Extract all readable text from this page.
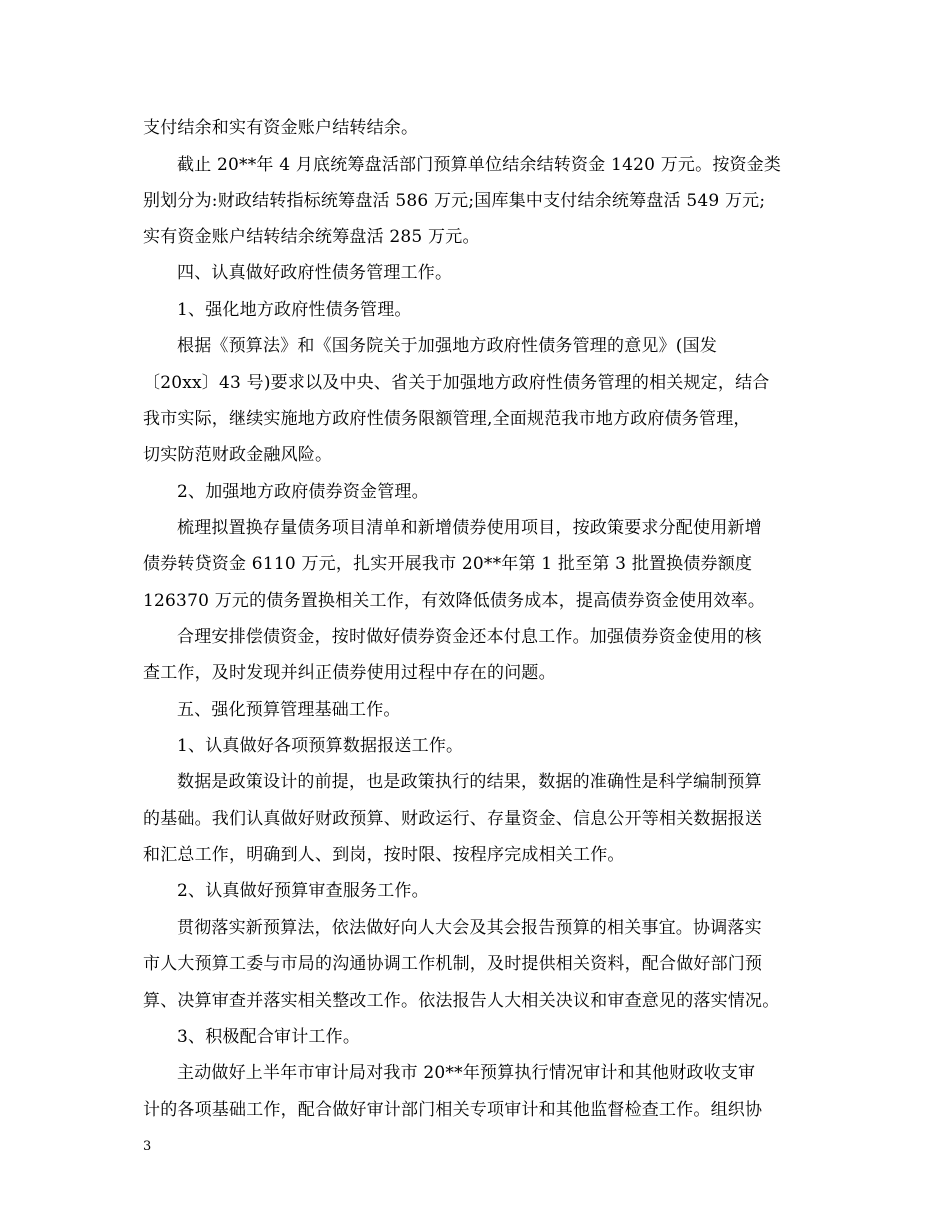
支付结余和实有资金账户结转结余。
截止 20**年 4 月底统筹盘活部门预算单位结余结转资金 1420 万元。按资金类
别划分为:财政结转指标统筹盘活 586 万元;国库集中支付结余统筹盘活 549 万元;
实有资金账户结转结余统筹盘活 285 万元。
四、认真做好政府性债务管理工作。
1、强化地方政府性债务管理。
根据《预算法》和《国务院关于加强地方政府性债务管理的意见》(国发
〔20xx〕43 号)要求以及中央、省关于加强地方政府性债务管理的相关规定，结合
我市实际，继续实施地方政府性债务限额管理,全面规范我市地方政府债务管理，
切实防范财政金融风险。
2、加强地方政府债券资金管理。
梳理拟置换存量债务项目清单和新增债券使用项目，按政策要求分配使用新增
债券转贷资金 6110 万元，扎实开展我市 20**年第 1 批至第 3 批置换债券额度
126370 万元的债务置换相关工作，有效降低债务成本，提高债券资金使用效率。
合理安排偿债资金，按时做好债券资金还本付息工作。加强债券资金使用的核
查工作，及时发现并纠正债券使用过程中存在的问题。
五、强化预算管理基础工作。
1、认真做好各项预算数据报送工作。
数据是政策设计的前提，也是政策执行的结果，数据的准确性是科学编制预算
的基础。我们认真做好财政预算、财政运行、存量资金、信息公开等相关数据报送
和汇总工作，明确到人、到岗，按时限、按程序完成相关工作。
2、认真做好预算审查服务工作。
贯彻落实新预算法，依法做好向人大会及其会报告预算的相关事宜。协调落实
市人大预算工委与市局的沟通协调工作机制，及时提供相关资料，配合做好部门预
算、决算审查并落实相关整改工作。依法报告人大相关决议和审查意见的落实情况。
3、积极配合审计工作。
主动做好上半年市审计局对我市 20**年预算执行情况审计和其他财政收支审
计的各项基础工作，配合做好审计部门相关专项审计和其他监督检查工作。组织协
3
